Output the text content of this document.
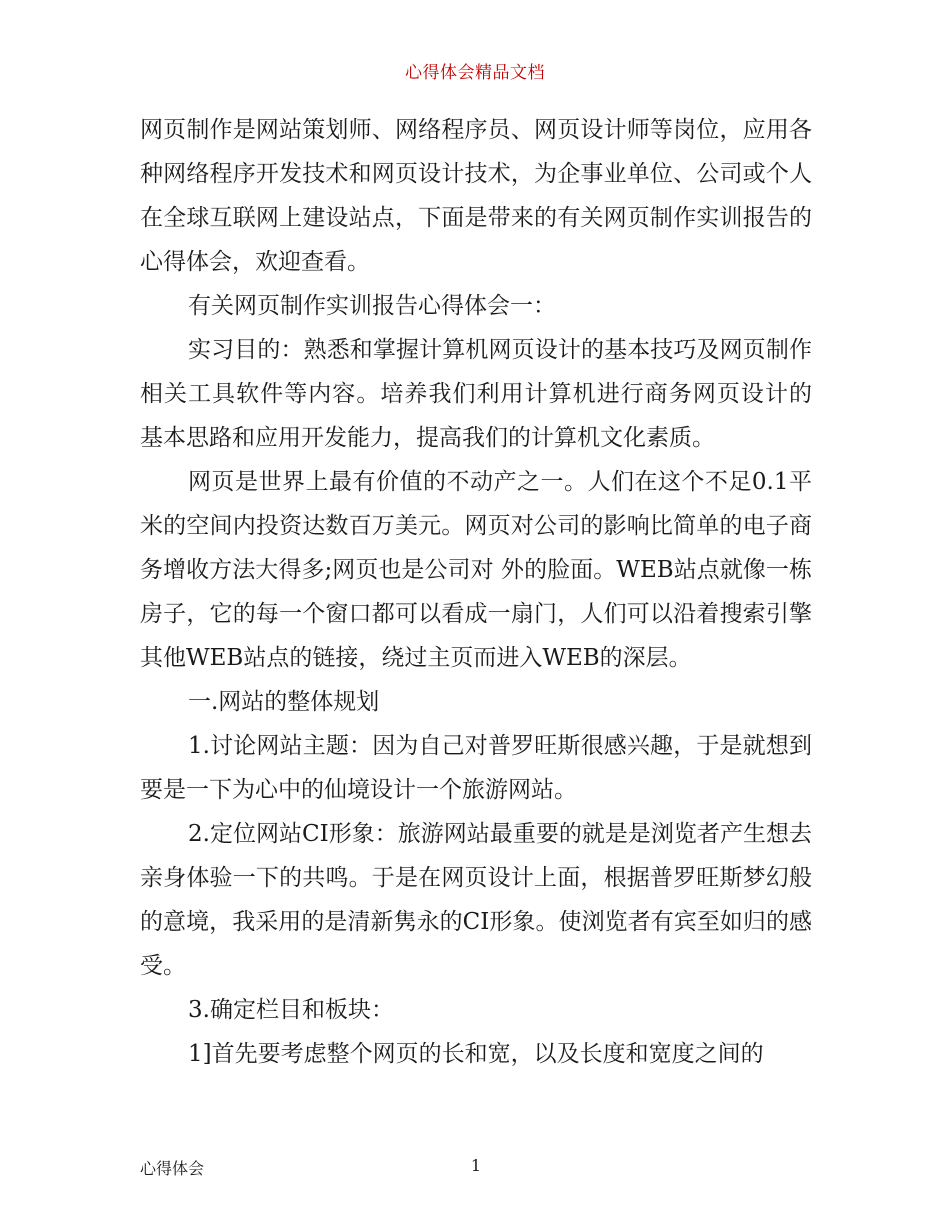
心得体会精品文档

网页制作是网站策划师、网络程序员、网页设计师等岗位，应用各种网络程序开发技术和网页设计技术，为企事业单位、公司或个人在全球互联网上建设站点，下面是带来的有关网页制作实训报告的心得体会，欢迎查看。

有关网页制作实训报告心得体会一：

实习目的：熟悉和掌握计算机网页设计的基本技巧及网页制作相关工具软件等内容。培养我们利用计算机进行商务网页设计的 基本思路和应用开发能力，提高我们的计算机文化素质。

网页是世界上最有价值的不动产之一。人们在这个不足0.1平米的空间内投资达数百万美元。网页对公司的影响比简单的电子商务增收方法大得多;网页也是公司对 外的脸面。WEB站点就像一栋房子，它的每一个窗口都可以看成一扇门，人们可以沿着搜索引擎其他WEB站点的链接，绕过主页而进入WEB的深层。

一.网站的整体规划

1.讨论网站主题：因为自己对普罗旺斯很感兴趣，于是就想到要是一下为心中的仙境设计一个旅游网站。

2.定位网站CI形象：旅游网站最重要的就是是浏览者产生想去亲身体验一下的共鸣。于是在网页设计上面，根据普罗旺斯梦幻般的意境，我采用的是清新隽永的CI形象。使浏览者有宾至如归的感受。

3.确定栏目和板块：

1]首先要考虑整个网页的长和宽，以及长度和宽度之间的

心得体会	1
